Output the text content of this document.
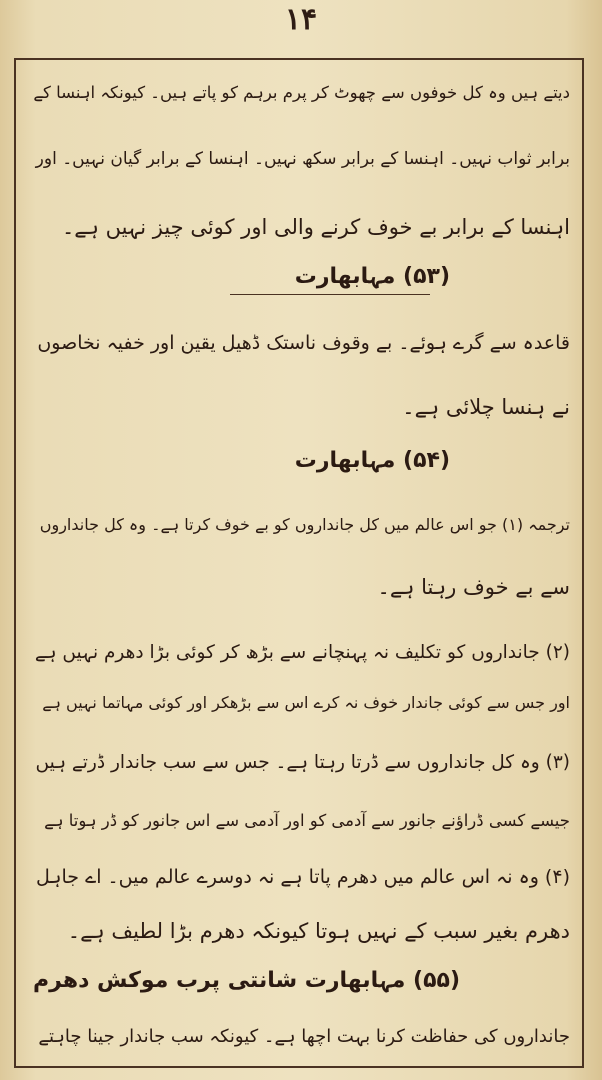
۱۴
دیتے ہیں وہ کل خوفوں سے چھوٹ کر پرم برہم کو پاتے ہیں۔ کیونکہ اہنسا کے
برابر ثواب نہیں۔ اہنسا کے برابر سکھ نہیں۔ اہنسا کے برابر گیان نہیں۔ اور
اہنسا کے برابر بے خوف کرنے والی اور کوئی چیز نہیں ہے۔
(۵۳) مہابھارت
قاعدہ سے گرے ہوئے۔ بے وقوف ناستک ڈھیل یقین اور خفیہ نخاصوں
نے ہنسا چلائی ہے۔
(۵۴) مہابھارت
ترجمہ (۱) جو اس عالم میں کل جانداروں کو بے خوف کرتا ہے۔ وہ کل جانداروں
سے بے خوف رہتا ہے۔
(۲) جانداروں کو تکلیف نہ پہنچانے سے بڑھ کر کوئی بڑا دھرم نہیں ہے
اور جس سے کوئی جاندار خوف نہ کرے اس سے بڑھکر اور کوئی مہاتما نہیں ہے
(۳) وہ کل جانداروں سے ڈرتا رہتا ہے۔ جس سے سب جاندار ڈرتے ہیں
جیسے کسی ڈراؤنے جانور سے آدمی کو اور آدمی سے اس جانور کو ڈر ہوتا ہے
(۴) وہ نہ اس عالم میں دھرم پاتا ہے نہ دوسرے عالم میں۔ اے جاہل
دھرم بغیر سبب کے نہیں ہوتا کیونکہ دھرم بڑا لطیف ہے۔
(۵۵) مہابھارت شانتی پرب موکش دھرم
جانداروں کی حفاظت کرنا بہت اچھا ہے۔ کیونکہ سب جاندار جینا چاہتے
